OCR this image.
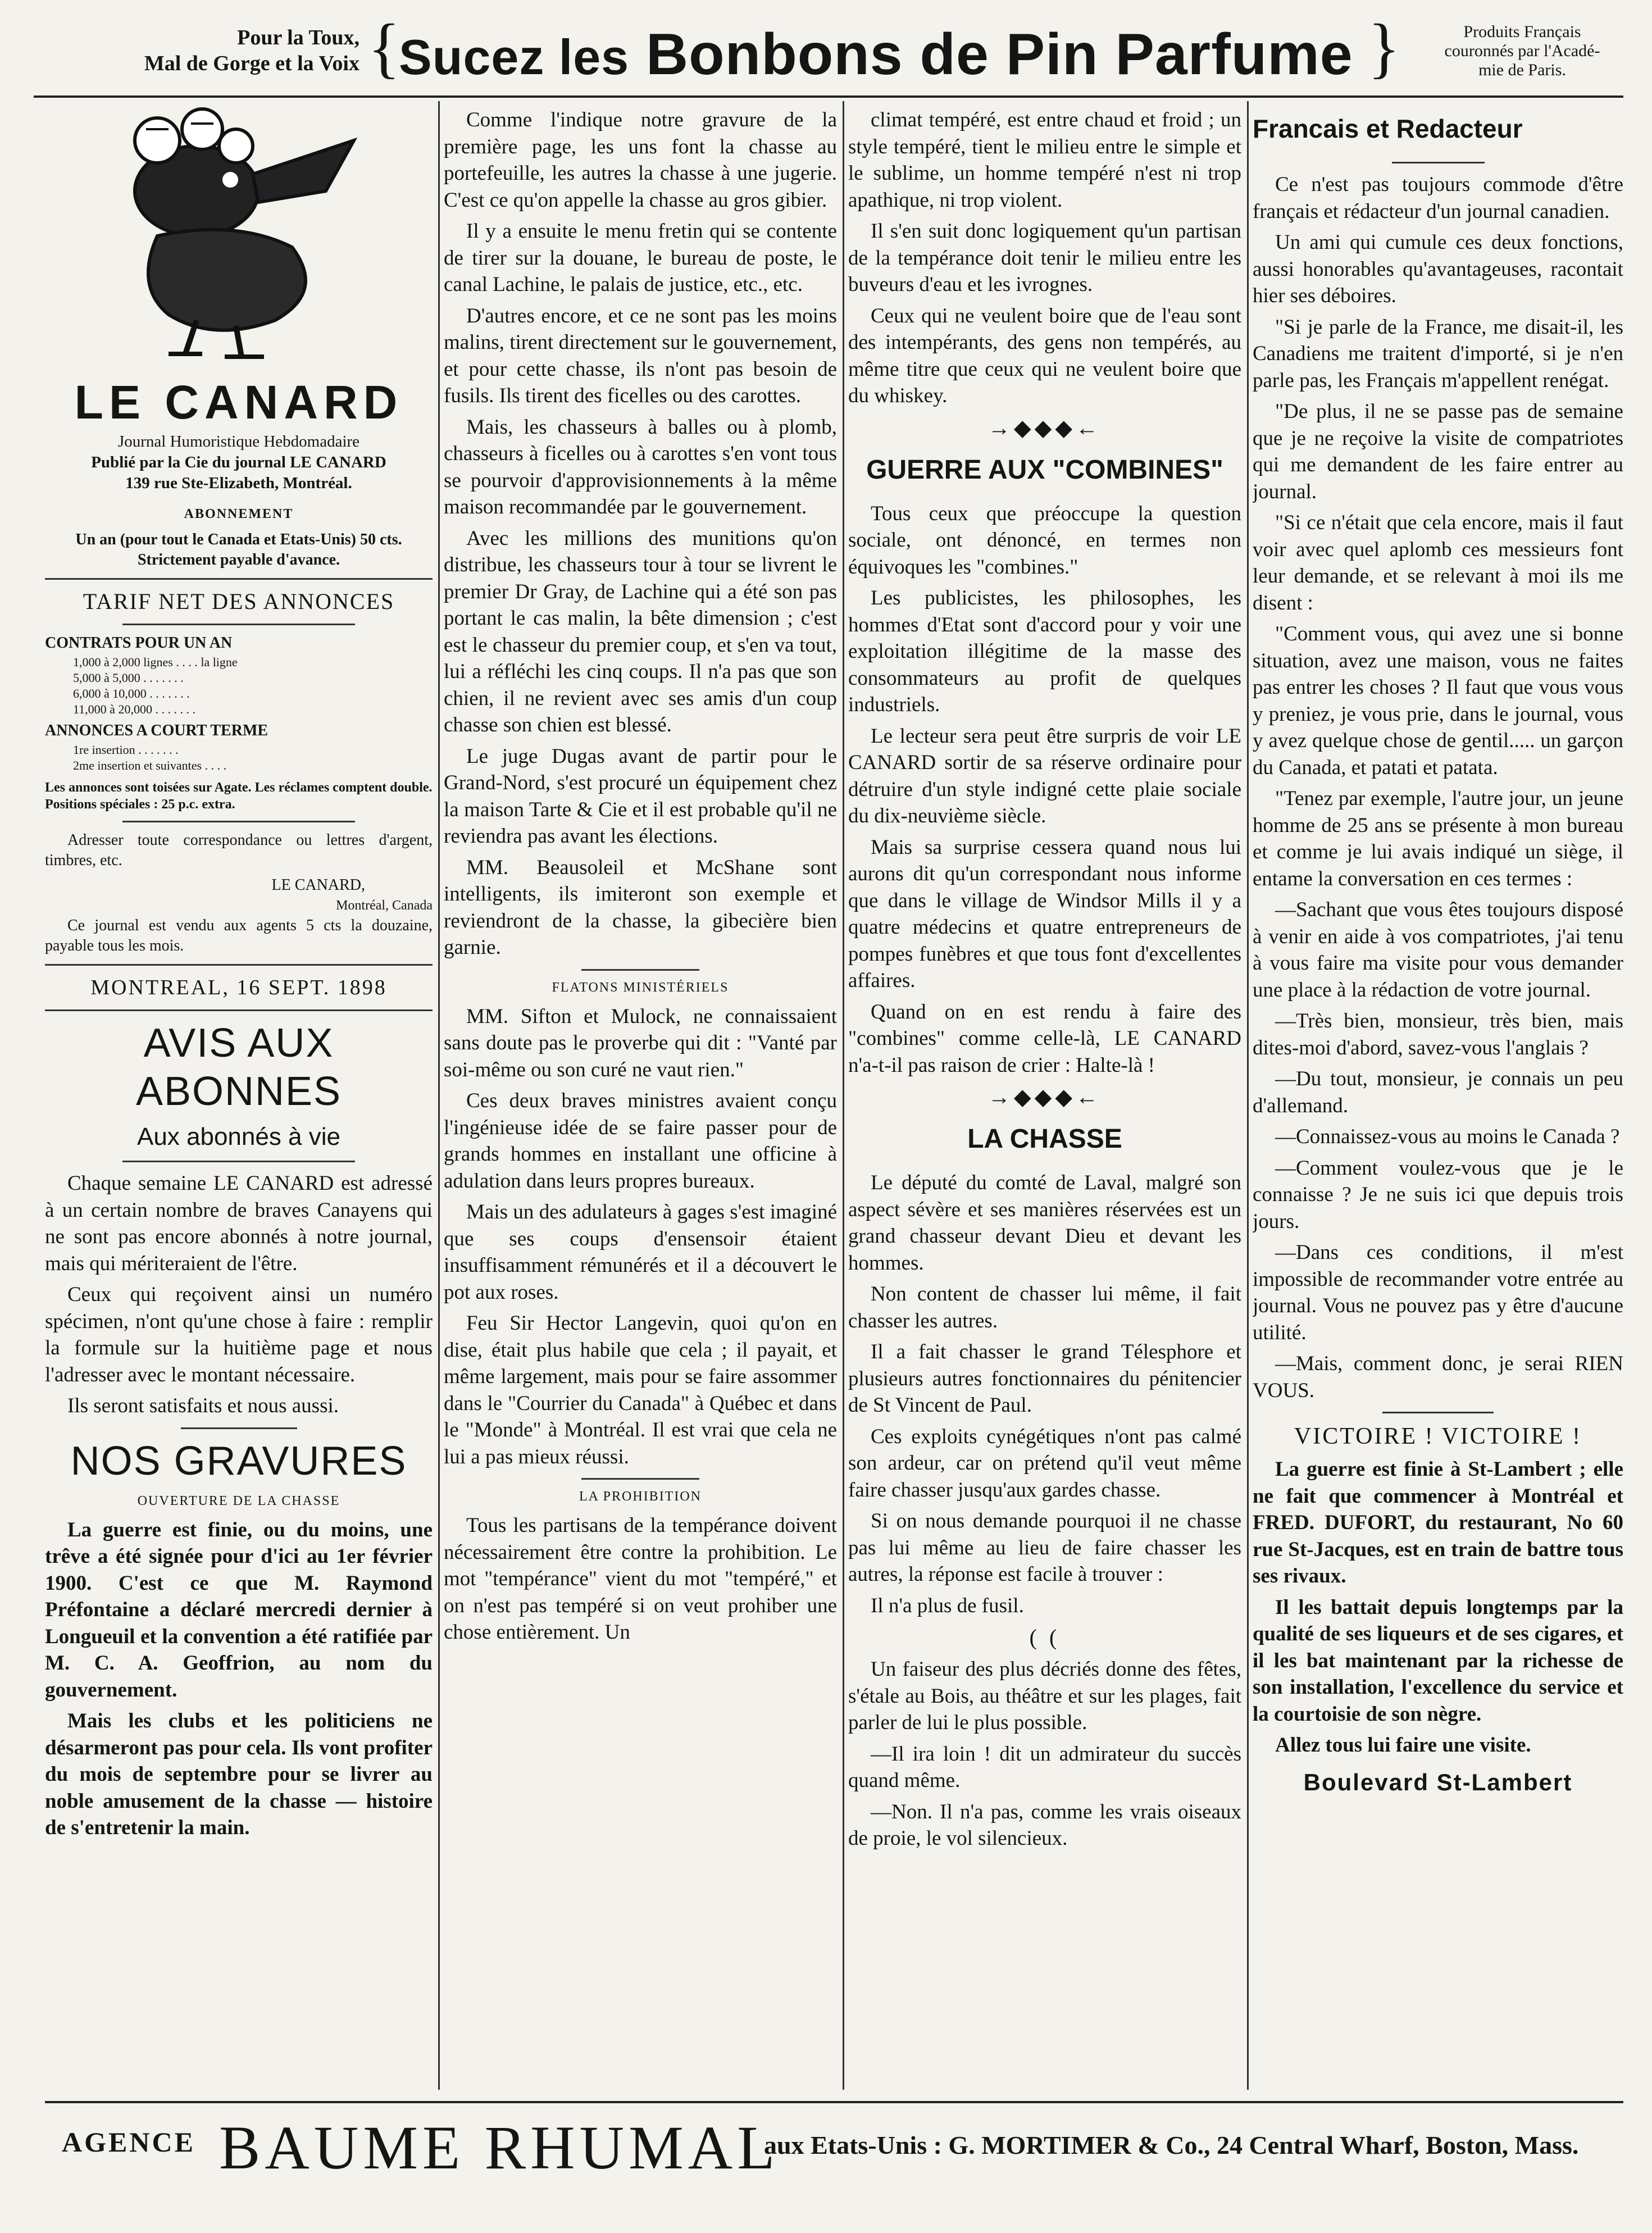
Pour la Toux,
Mal de Gorge et la Voix {
Sucez les Bonbons de Pin Parfume }	Produits Français
couronnés par l'Acadé-
mie de Paris.
LE CANARD
Journal Humoristique Hebdomadaire
Publié par la Cie du journal LE CANARD
139 rue Ste-Elizabeth, Montréal.
ABONNEMENT
Un an (pour tout le Canada et Etats-Unis) 50 cts. Strictement payable d'avance.
TARIF NET DES ANNONCES
CONTRATS POUR UN AN
1,000 à 2,000 lignes . . . . la ligne
5,000 à 5,000 . . . . . . .
6,000 à 10,000 . . . . . . .
11,000 à 20,000 . . . . . . .
ANNONCES A COURT TERME
1re insertion . . . . . . .
2me insertion et suivantes . . . .
Les annonces sont toisées sur Agate. Les réclames comptent double. Positions spéciales : 25 p.c. extra.

Adresser toute correspondance ou lettres d'argent, timbres, etc.

LE CANARD,
Montréal, Canada

Ce journal est vendu aux agents 5 cts la douzaine, payable tous les mois.

MONTREAL, 16 SEPT. 1898
AVIS AUX ABONNES
Aux abonnés à vie

Chaque semaine LE CANARD est adressé à un certain nombre de braves Canayens qui ne sont pas encore abonnés à notre journal, mais qui mériteraient de l'être.

Ceux qui reçoivent ainsi un numéro spécimen, n'ont qu'une chose à faire : remplir la formule sur la huitième page et nous l'adresser avec le montant nécessaire.

Ils seront satisfaits et nous aussi.

NOS GRAVURES
OUVERTURE DE LA CHASSE

La guerre est finie, ou du moins, une trêve a été signée pour d'ici au 1er février 1900. C'est ce que M. Raymond Préfontaine a déclaré mercredi dernier à Longueuil et la convention a été ratifiée par M. C. A. Geoffrion, au nom du gouvernement.

Mais les clubs et les politiciens ne désarmeront pas pour cela. Ils vont profiter du mois de septembre pour se livrer au noble amusement de la chasse — histoire de s'entretenir la main.

Comme l'indique notre gravure de la première page, les uns font la chasse au portefeuille, les autres la chasse à une jugerie. C'est ce qu'on appelle la chasse au gros gibier.

Il y a ensuite le menu fretin qui se contente de tirer sur la douane, le bureau de poste, le canal Lachine, le palais de justice, etc., etc.

D'autres encore, et ce ne sont pas les moins malins, tirent directement sur le gouvernement, et pour cette chasse, ils n'ont pas besoin de fusils. Ils tirent des ficelles ou des carottes.

Mais, les chasseurs à balles ou à plomb, chasseurs à ficelles ou à carottes s'en vont tous se pourvoir d'approvisionnements à la même maison recommandée par le gouvernement.

Avec les millions des munitions qu'on distribue, les chasseurs tour à tour se livrent le premier Dr Gray, de Lachine qui a été son pas portant le cas malin, la bête dimension ; c'est est le chasseur du premier coup, et s'en va tout, lui a réfléchi les cinq coups. Il n'a pas que son chien, il ne revient avec ses amis d'un coup chasse son chien est blessé.

Le juge Dugas avant de partir pour le Grand-Nord, s'est procuré un équipement chez la maison Tarte & Cie et il est probable qu'il ne reviendra pas avant les élections.

MM. Beausoleil et McShane sont intelligents, ils imiteront son exemple et reviendront de la chasse, la gibecière bien garnie.

FLATONS MINISTÉRIELS

MM. Sifton et Mulock, ne connaissaient sans doute pas le proverbe qui dit : "Vanté par soi-même ou son curé ne vaut rien."

Ces deux braves ministres avaient conçu l'ingénieuse idée de se faire passer pour de grands hommes en installant une officine à adulation dans leurs propres bureaux.

Mais un des adulateurs à gages s'est imaginé que ses coups d'ensensoir étaient insuffisamment rémunérés et il a découvert le pot aux roses.

Feu Sir Hector Langevin, quoi qu'on en dise, était plus habile que cela ; il payait, et même largement, mais pour se faire assommer dans le "Courrier du Canada" à Québec et dans le "Monde" à Montréal. Il est vrai que cela ne lui a pas mieux réussi.

LA PROHIBITION

Tous les partisans de la tempérance doivent nécessairement être contre la prohibition. Le mot "tempérance" vient du mot "tempéré," et on n'est pas tempéré si on veut prohiber une chose entièrement. Un

climat tempéré, est entre chaud et froid ; un style tempéré, tient le milieu entre le simple et le sublime, un homme tempéré n'est ni trop apathique, ni trop violent.

Il s'en suit donc logiquement qu'un partisan de la tempérance doit tenir le milieu entre les buveurs d'eau et les ivrognes.

Ceux qui ne veulent boire que de l'eau sont des intempérants, des gens non tempérés, au même titre que ceux qui ne veulent boire que du whiskey.

→◆◆◆←
GUERRE AUX "COMBINES"

Tous ceux que préoccupe la question sociale, ont dénoncé, en termes non équivoques les "combines."

Les publicistes, les philosophes, les hommes d'Etat sont d'accord pour y voir une exploitation illégitime de la masse des consommateurs au profit de quelques industriels.

Le lecteur sera peut être surpris de voir LE CANARD sortir de sa réserve ordinaire pour détruire d'un style indigné cette plaie sociale du dix-neuvième siècle.

Mais sa surprise cessera quand nous lui aurons dit qu'un correspondant nous informe que dans le village de Windsor Mills il y a quatre médecins et quatre entrepreneurs de pompes funèbres et que tous font d'excellentes affaires.

Quand on en est rendu à faire des "combines" comme celle-là, LE CANARD n'a-t-il pas raison de crier : Halte-là !

→◆◆◆←
LA CHASSE

Le député du comté de Laval, malgré son aspect sévère et ses manières réservées est un grand chasseur devant Dieu et devant les hommes.

Non content de chasser lui même, il fait chasser les autres.

Il a fait chasser le grand Télesphore et plusieurs autres fonctionnaires du pénitencier de St Vincent de Paul.

Ces exploits cynégétiques n'ont pas calmé son ardeur, car on prétend qu'il veut même faire chasser jusqu'aux gardes chasse.

Si on nous demande pourquoi il ne chasse pas lui même au lieu de faire chasser les autres, la réponse est facile à trouver :

Il n'a plus de fusil.

( (

Un faiseur des plus décriés donne des fêtes, s'étale au Bois, au théâtre et sur les plages, fait parler de lui le plus possible.

—Il ira loin ! dit un admirateur du succès quand même.

—Non. Il n'a pas, comme les vrais oiseaux de proie, le vol silencieux.

Francais et Redacteur

Ce n'est pas toujours commode d'être français et rédacteur d'un journal canadien.

Un ami qui cumule ces deux fonctions, aussi honorables qu'avantageuses, racontait hier ses déboires.

"Si je parle de la France, me disait-il, les Canadiens me traitent d'importé, si je n'en parle pas, les Français m'appellent renégat.

"De plus, il ne se passe pas de semaine que je ne reçoive la visite de compatriotes qui me demandent de les faire entrer au journal.

"Si ce n'était que cela encore, mais il faut voir avec quel aplomb ces messieurs font leur demande, et se relevant à moi ils me disent :

"Comment vous, qui avez une si bonne situation, avez une maison, vous ne faites pas entrer les choses ? Il faut que vous vous y preniez, je vous prie, dans le journal, vous y avez quelque chose de gentil..... un garçon du Canada, et patati et patata.

"Tenez par exemple, l'autre jour, un jeune homme de 25 ans se présente à mon bureau et comme je lui avais indiqué un siège, il entame la conversation en ces termes :

—Sachant que vous êtes toujours disposé à venir en aide à vos compatriotes, j'ai tenu à vous faire ma visite pour vous demander une place à la rédaction de votre journal.

—Très bien, monsieur, très bien, mais dites-moi d'abord, savez-vous l'anglais ?

—Du tout, monsieur, je connais un peu d'allemand.

—Connaissez-vous au moins le Canada ?

—Comment voulez-vous que je le connaisse ? Je ne suis ici que depuis trois jours.

—Dans ces conditions, il m'est impossible de recommander votre entrée au journal. Vous ne pouvez pas y être d'aucune utilité.

—Mais, comment donc, je serai RIEN VOUS.

VICTOIRE ! VICTOIRE !

La guerre est finie à St-Lambert ; elle ne fait que commencer à Montréal et FRED. DUFORT, du restaurant, No 60 rue St-Jacques, est en train de battre tous ses rivaux.

Il les battait depuis longtemps par la qualité de ses liqueurs et de ses cigares, et il les bat maintenant par la richesse de son installation, l'excellence du service et la courtoisie de son nègre.

Allez tous lui faire une visite.

Boulevard St-Lambert
AGENCE BAUME RHUMAL
aux Etats-Unis : G. MORTIMER & Co., 24 Central Wharf, Boston, Mass.
